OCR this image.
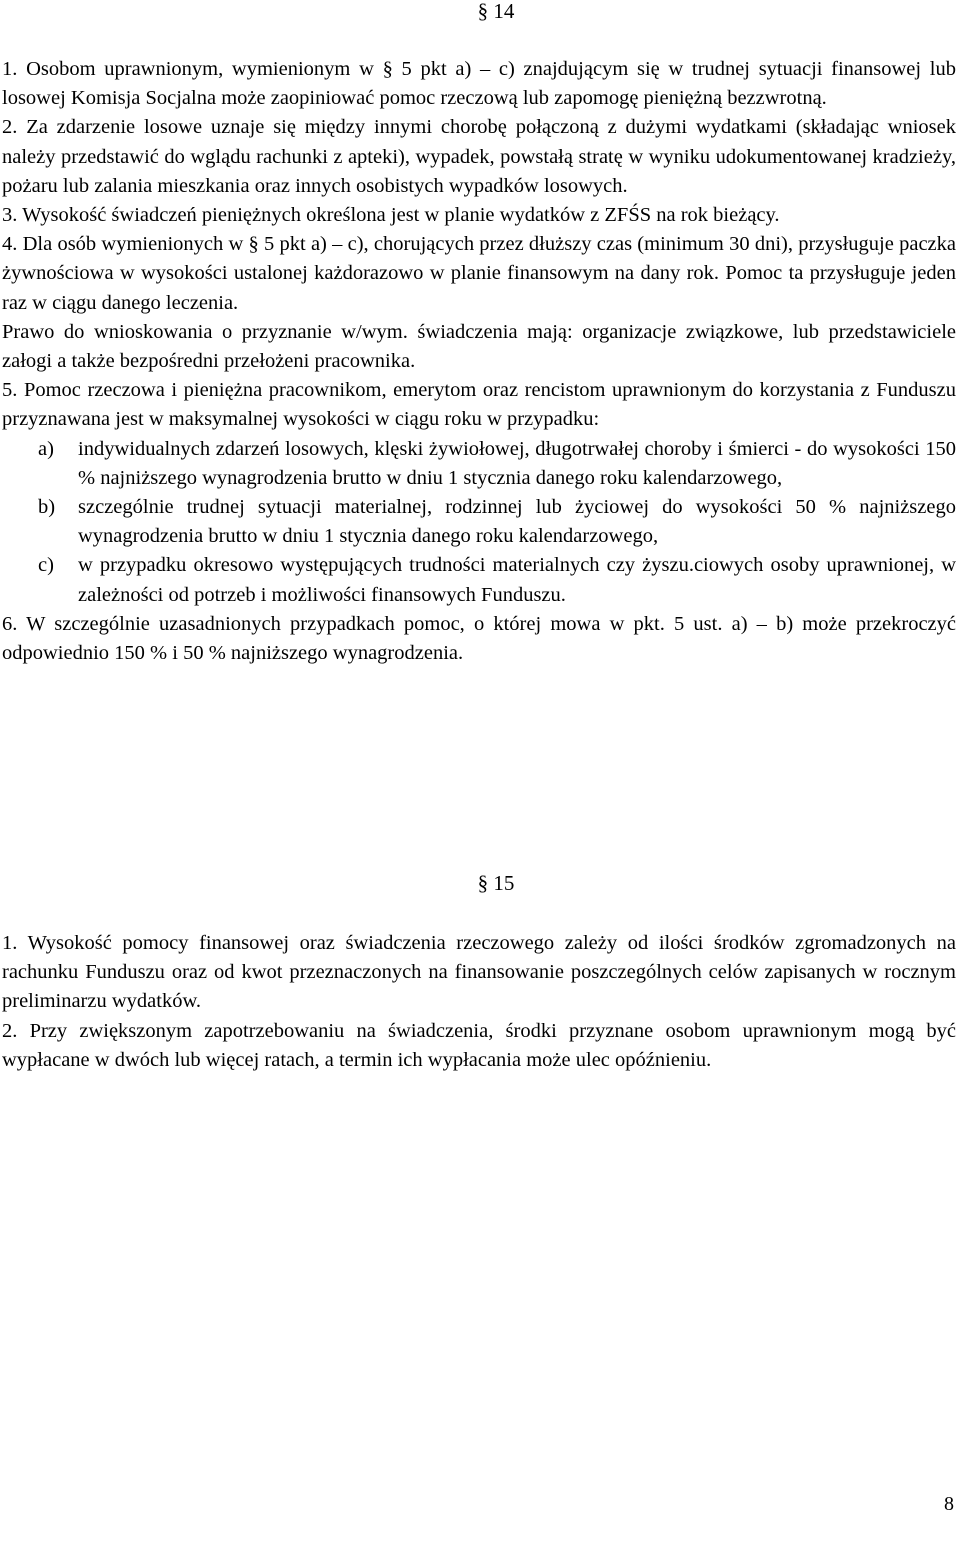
§ 14

1. Osobom uprawnionym, wymienionym w § 5 pkt a) – c) znajdującym się w trudnej sytuacji finansowej lub losowej Komisja Socjalna może zaopiniować pomoc rzeczową lub zapomogę pieniężną bezzwrotną.

2. Za zdarzenie losowe uznaje się między innymi chorobę połączoną z dużymi wydatkami (składając wniosek należy przedstawić do wglądu rachunki z apteki), wypadek, powstałą stratę w wyniku udokumentowanej kradzieży, pożaru lub zalania mieszkania oraz innych osobistych wypadków losowych.

3. Wysokość świadczeń pieniężnych określona jest w planie wydatków z ZFŚS na rok bieżący.

4. Dla osób wymienionych w § 5 pkt a) – c), chorujących przez dłuższy czas (minimum 30 dni), przysługuje paczka żywnościowa w wysokości ustalonej każdorazowo w planie finansowym na dany rok. Pomoc ta przysługuje jeden raz w ciągu danego leczenia.

Prawo do wnioskowania o przyznanie w/wym. świadczenia mają: organizacje związkowe, lub przedstawiciele załogi a także bezpośredni przełożeni pracownika.

5. Pomoc rzeczowa i pieniężna pracownikom, emerytom oraz rencistom uprawnionym do korzystania z Funduszu przyznawana jest w maksymalnej wysokości w ciągu roku w przypadku:

a) indywidualnych zdarzeń losowych, klęski żywiołowej, długotrwałej choroby i śmierci - do wysokości 150 % najniższego wynagrodzenia brutto w dniu 1 stycznia danego roku kalendarzowego,
b) szczególnie trudnej sytuacji materialnej, rodzinnej lub życiowej do wysokości 50 % najniższego wynagrodzenia brutto w dniu 1 stycznia danego roku kalendarzowego,
c) w przypadku okresowo występujących trudności materialnych czy żyszu.ciowych osoby uprawnionej, w zależności od potrzeb i możliwości finansowych Funduszu.

6. W szczególnie uzasadnionych przypadkach pomoc, o której mowa w pkt. 5 ust. a) – b) może przekroczyć odpowiednio 150 % i 50 % najniższego wynagrodzenia.

§ 15

1. Wysokość pomocy finansowej oraz świadczenia rzeczowego zależy od ilości środków zgromadzonych na rachunku Funduszu oraz od kwot przeznaczonych na finansowanie poszczególnych celów zapisanych w rocznym preliminarzu wydatków.

2. Przy zwiększonym zapotrzebowaniu na świadczenia, środki przyznane osobom uprawnionym mogą być wypłacane w dwóch lub więcej ratach, a termin ich wypłacania może ulec opóźnieniu.

8
